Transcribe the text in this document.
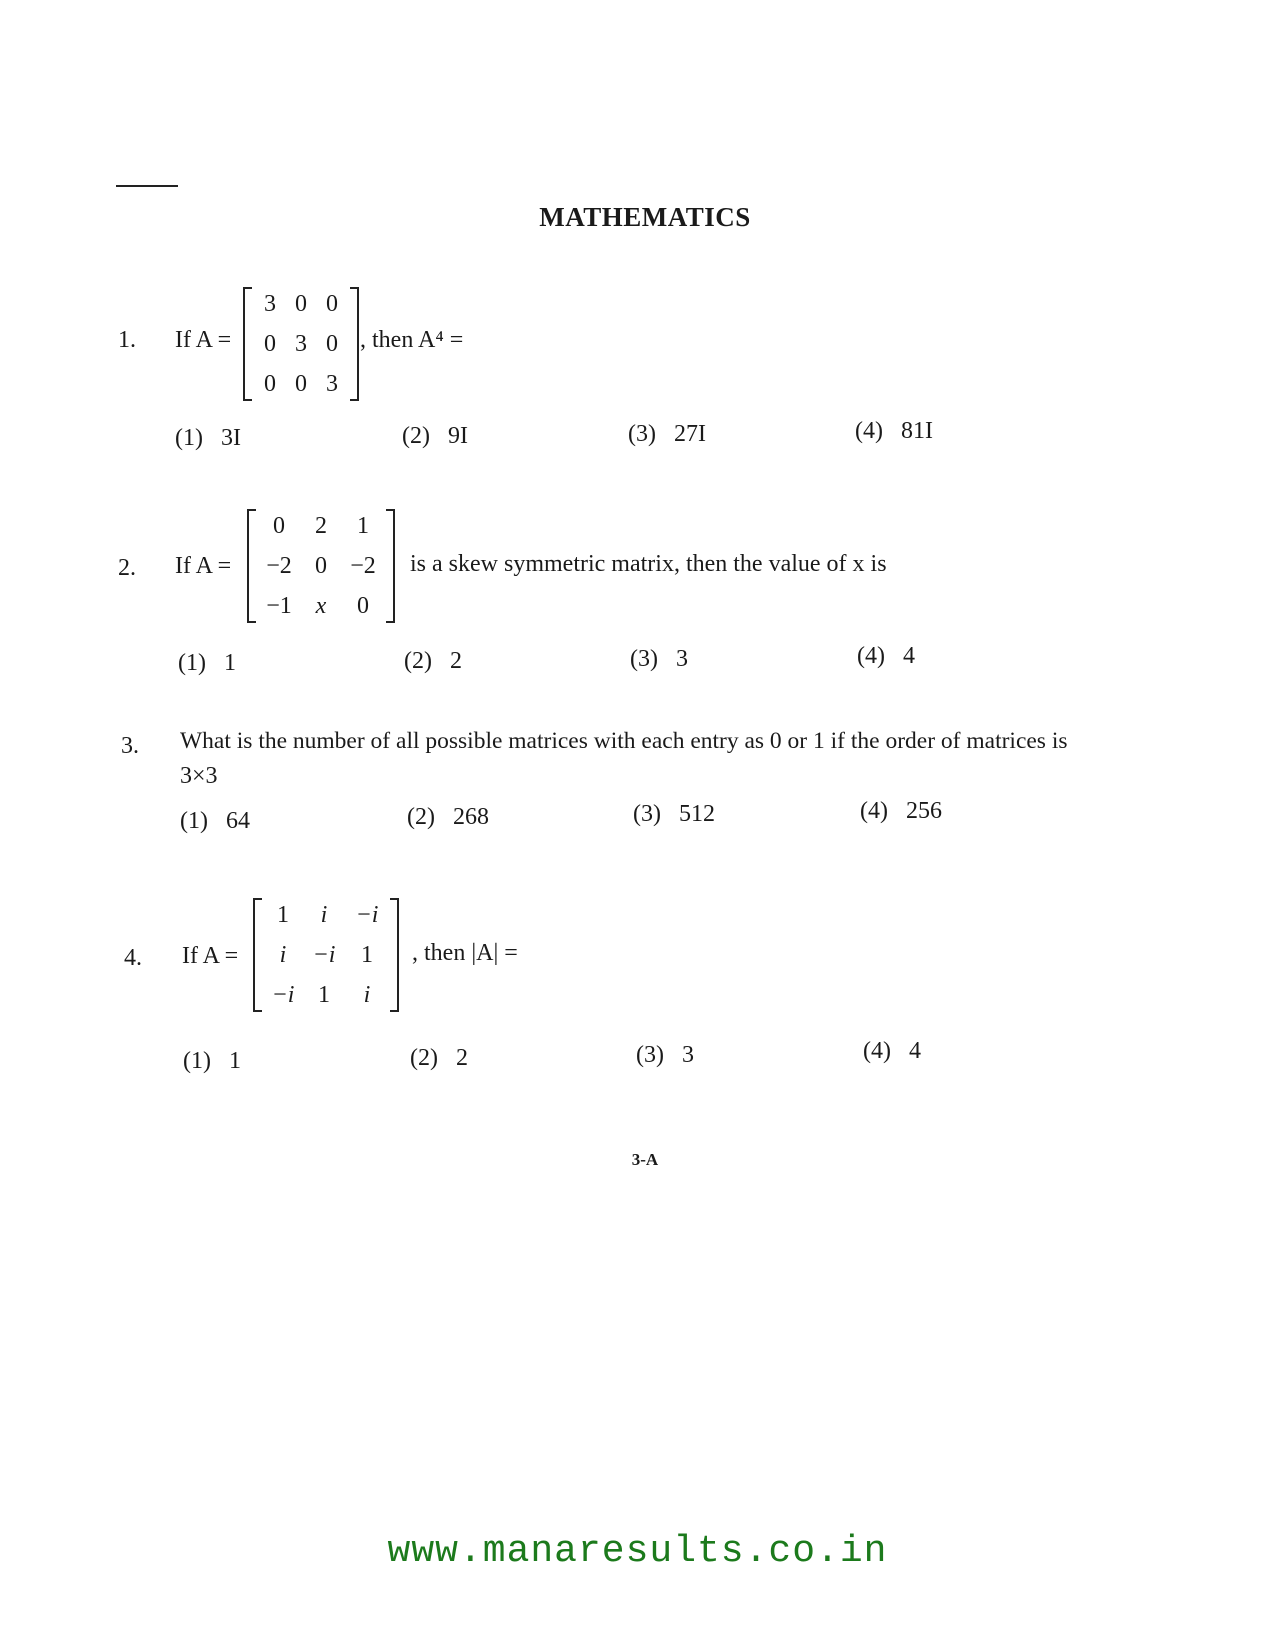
MATHEMATICS
1. If A =
3 0 0
0 3 0
0 0 3
, then A⁴ =
(1) 3I	(2) 9I	(3) 27I	(4) 81I
2. If A =
0	2	1
−2 0 −2
−1 x	0
is a skew symmetric matrix, then the value of x is
(1) 1	(2) 2	(3) 3	(4) 4
3. What is the number of all possible matrices with each entry as 0 or 1 if the order of matrices is
3×3
(1) 64	(2) 268	(3) 512	(4) 256
4. If A =
1	i	−i
i	−i	1
−i 1	i
, then |A| =
(1) 1	(2) 2	(3) 3	(4) 4
3-A
www.manaresults.co.in
